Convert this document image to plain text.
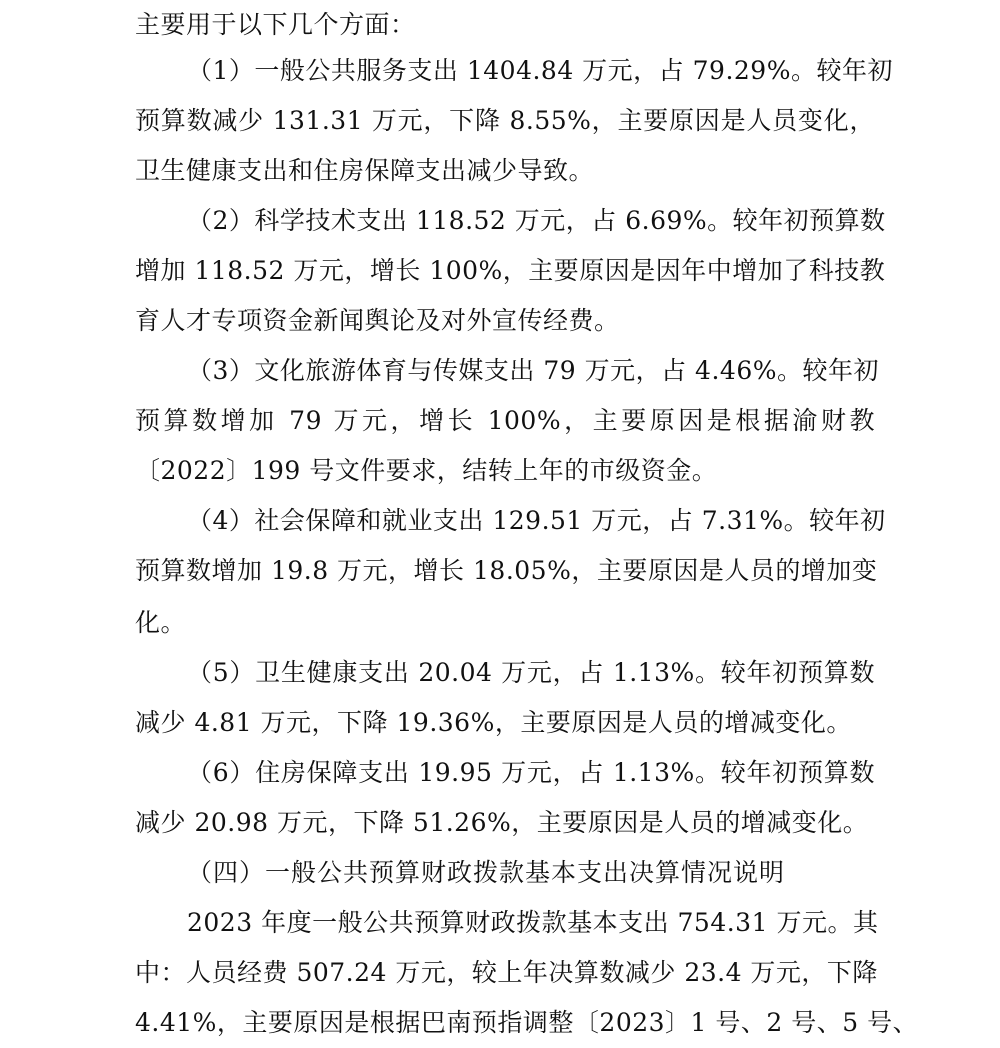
主要用于以下几个方面：
（1）一般公共服务支出 1404.84 万元，占 79.29%。较年初
预算数减少 131.31 万元，下降 8.55%，主要原因是人员变化，
卫生健康支出和住房保障支出减少导致。
（2）科学技术支出 118.52 万元，占 6.69%。较年初预算数
增加 118.52 万元，增长 100%，主要原因是因年中增加了科技教
育人才专项资金新闻舆论及对外宣传经费。
（3）文化旅游体育与传媒支出 79 万元，占 4.46%。较年初
预算数增加 79 万元，增长 100%，主要原因是根据渝财教
〔2022〕199 号文件要求，结转上年的市级资金。
（4）社会保障和就业支出 129.51 万元，占 7.31%。较年初
预算数增加 19.8 万元，增长 18.05%，主要原因是人员的增加变
化。
（5）卫生健康支出 20.04 万元，占 1.13%。较年初预算数
减少 4.81 万元，下降 19.36%，主要原因是人员的增减变化。
（6）住房保障支出 19.95 万元，占 1.13%。较年初预算数
减少 20.98 万元，下降 51.26%，主要原因是人员的增减变化。
（四）一般公共预算财政拨款基本支出决算情况说明
2023 年度一般公共预算财政拨款基本支出 754.31 万元。其
中：人员经费 507.24 万元，较上年决算数减少 23.4 万元，下降
4.41%，主要原因是根据巴南预指调整〔2023〕1 号、2 号、5 号、
